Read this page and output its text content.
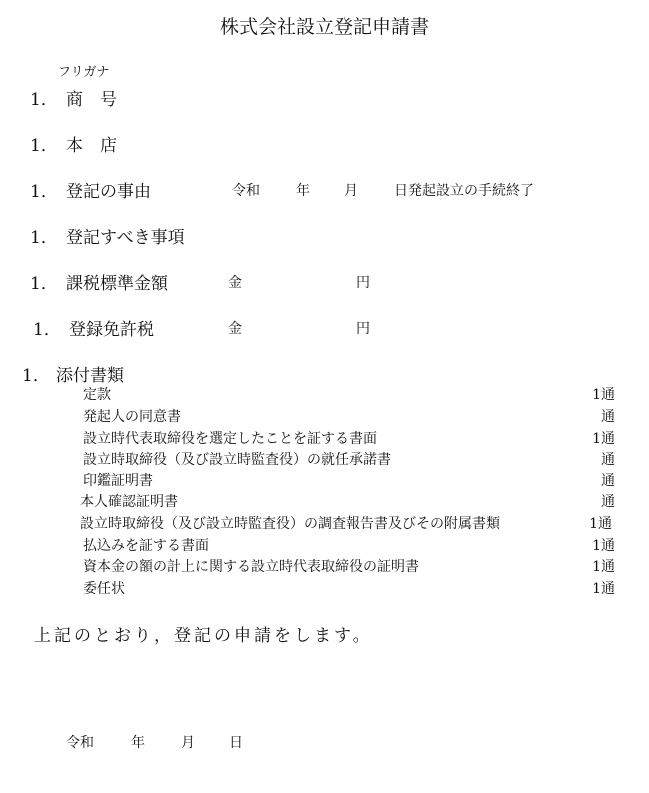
株式会社設立登記申請書
フリガナ
1． 商　号
1． 本　店
1． 登記の事由	令和	年 月	日発起設立の手続終了
1． 登記すべき事項
1． 課税標準金額	金	円
1． 登録免許税	金	円
1． 添付書類
定款	1通
発起人の同意書	通
設立時代表取締役を選定したことを証する書面	1通
設立時取締役（及び設立時監査役）の就任承諾書	通
印鑑証明書	通
本人確認証明書	通
設立時取締役（及び設立時監査役）の調査報告書及びその附属書類	1通
払込みを証する書面	1通
資本金の額の計上に関する設立時代表取締役の証明書	1通
委任状	1通
上記のとおり，登記の申請をします。
令和	年	月 日
